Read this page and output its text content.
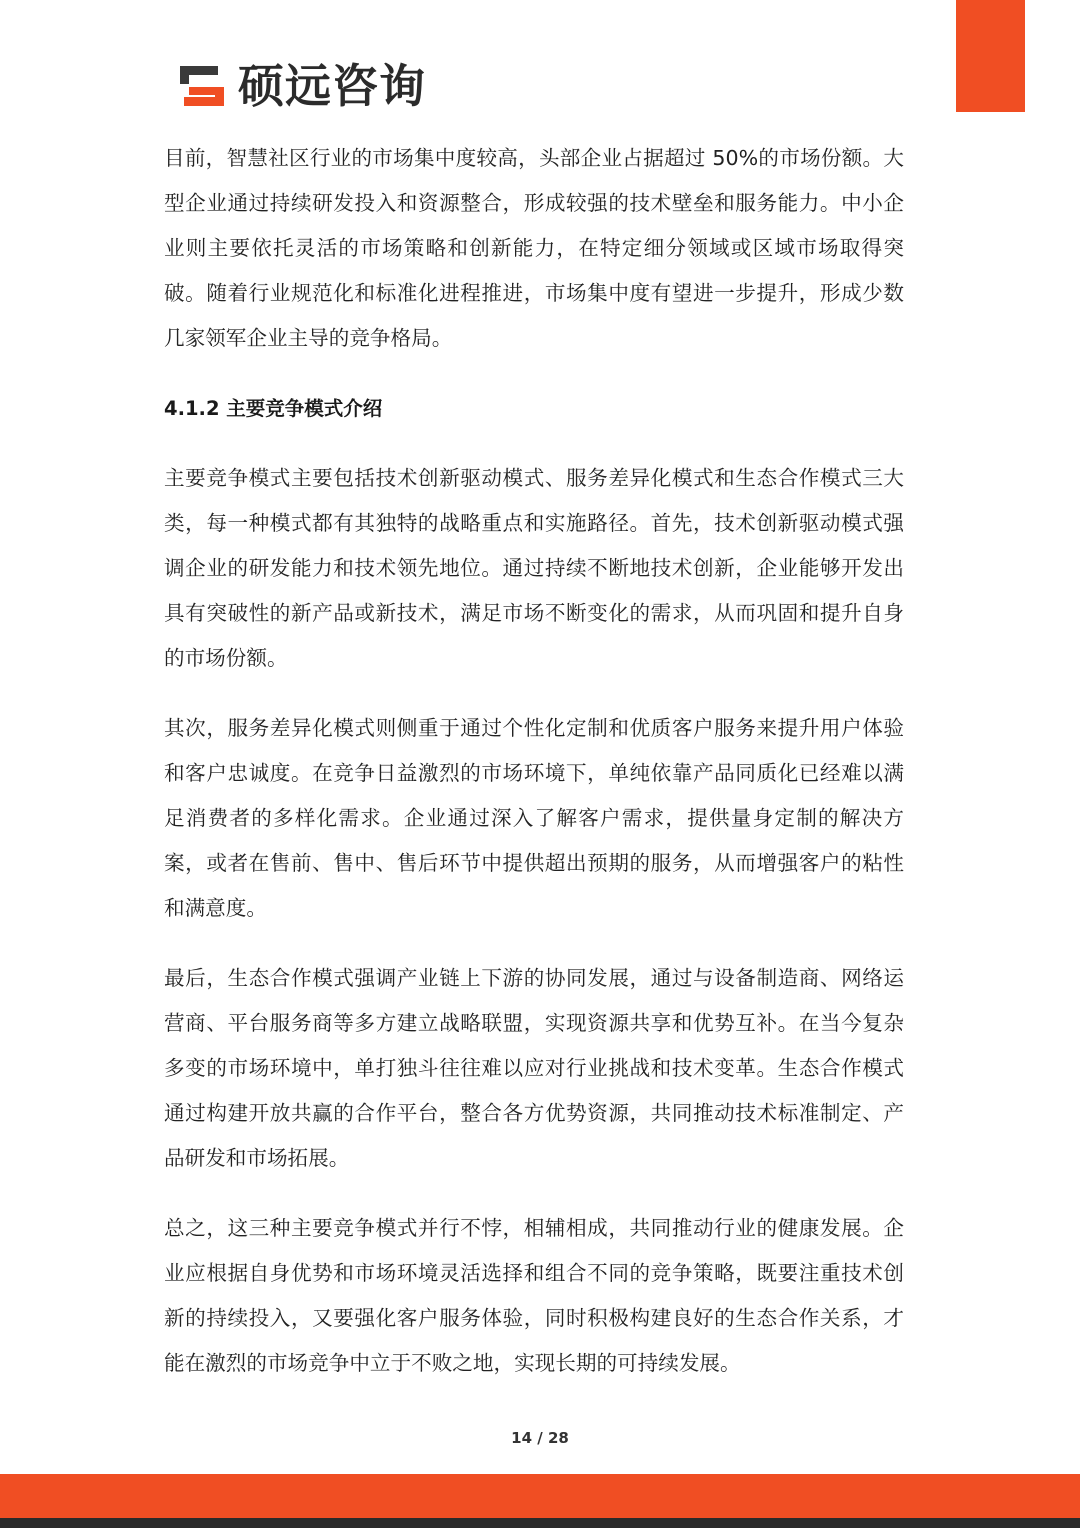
硕远咨询

目前，智慧社区行业的市场集中度较高，头部企业占据超过 50%的市场份额。大型企业通过持续研发投入和资源整合，形成较强的技术壁垒和服务能力。中小企业则主要依托灵活的市场策略和创新能力，在特定细分领域或区域市场取得突破。随着行业规范化和标准化进程推进，市场集中度有望进一步提升，形成少数几家领军企业主导的竞争格局。

4.1.2 主要竞争模式介绍

主要竞争模式主要包括技术创新驱动模式、服务差异化模式和生态合作模式三大类，每一种模式都有其独特的战略重点和实施路径。首先，技术创新驱动模式强调企业的研发能力和技术领先地位。通过持续不断地技术创新，企业能够开发出具有突破性的新产品或新技术，满足市场不断变化的需求，从而巩固和提升自身的市场份额。

其次，服务差异化模式则侧重于通过个性化定制和优质客户服务来提升用户体验和客户忠诚度。在竞争日益激烈的市场环境下，单纯依靠产品同质化已经难以满足消费者的多样化需求。企业通过深入了解客户需求，提供量身定制的解决方案，或者在售前、售中、售后环节中提供超出预期的服务，从而增强客户的粘性和满意度。

最后，生态合作模式强调产业链上下游的协同发展，通过与设备制造商、网络运营商、平台服务商等多方建立战略联盟，实现资源共享和优势互补。在当今复杂多变的市场环境中，单打独斗往往难以应对行业挑战和技术变革。生态合作模式通过构建开放共赢的合作平台，整合各方优势资源，共同推动技术标准制定、产品研发和市场拓展。

总之，这三种主要竞争模式并行不悖，相辅相成，共同推动行业的健康发展。企业应根据自身优势和市场环境灵活选择和组合不同的竞争策略，既要注重技术创新的持续投入，又要强化客户服务体验，同时积极构建良好的生态合作关系，才能在激烈的市场竞争中立于不败之地，实现长期的可持续发展。

14 / 28
